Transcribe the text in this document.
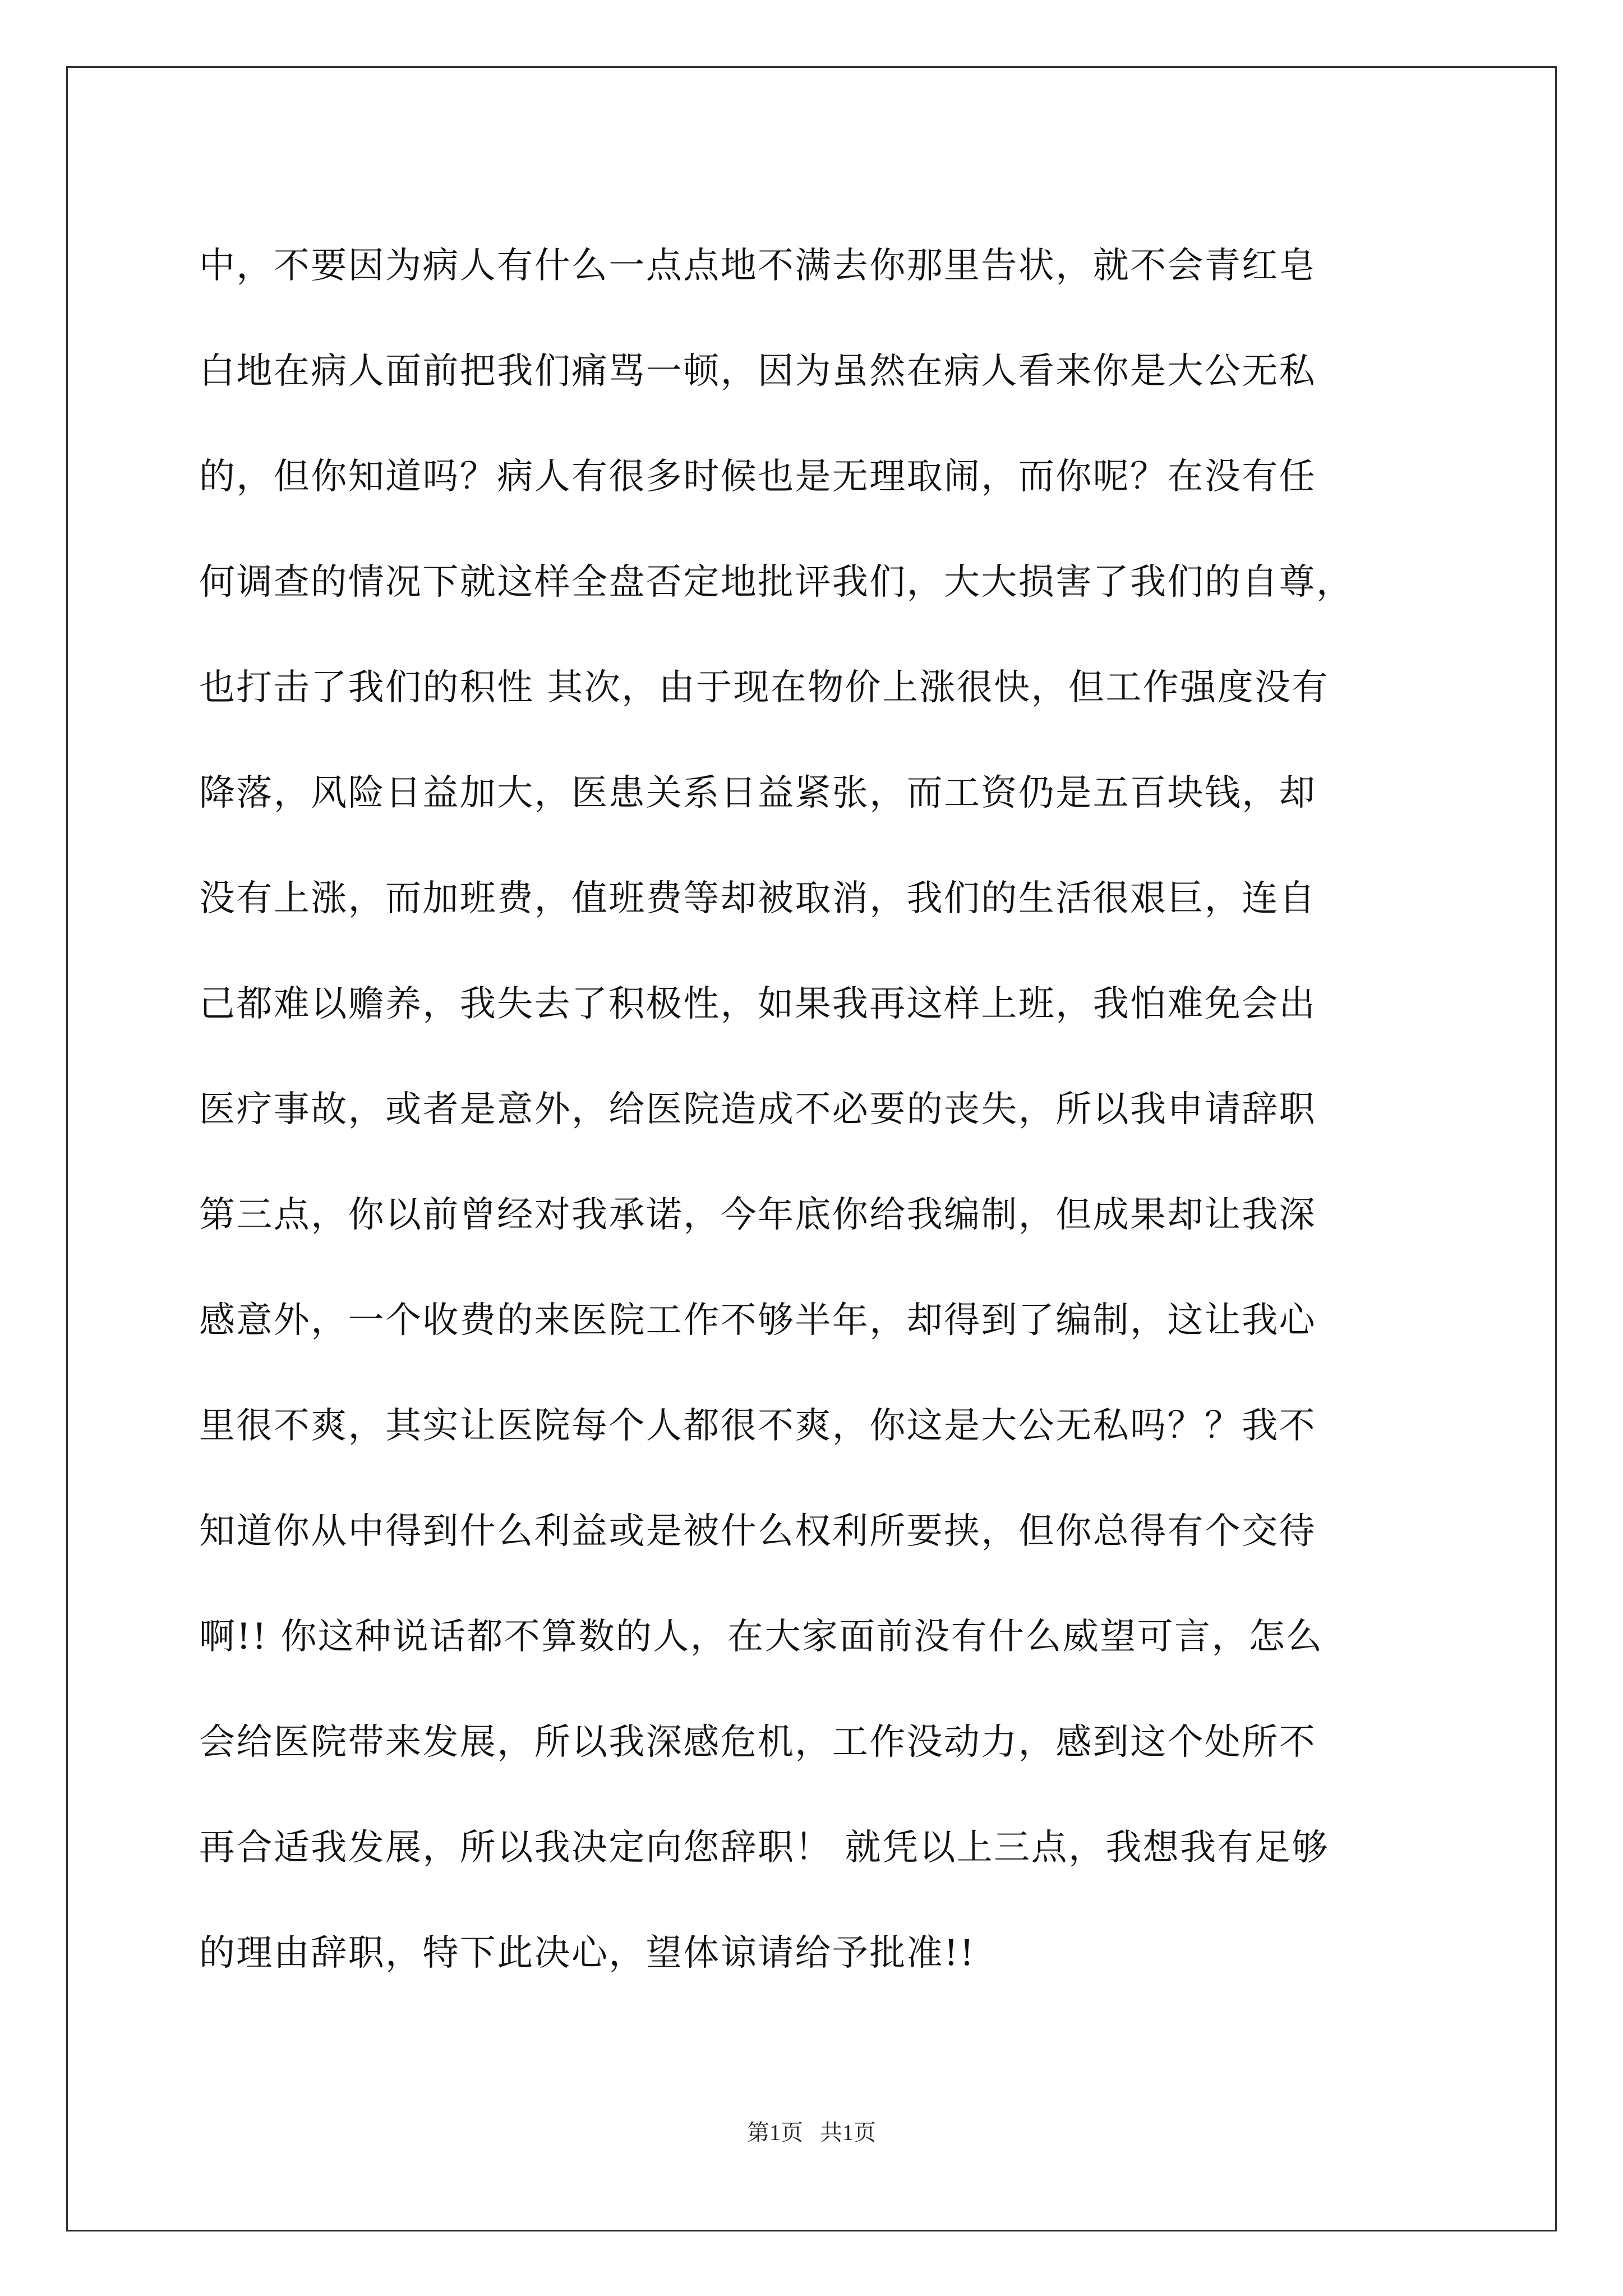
中，不要因为病人有什么一点点地不满去你那里告状，就不会青红皂
白地在病人面前把我们痛骂一顿，因为虽然在病人看来你是大公无私
的，但你知道吗？病人有很多时候也是无理取闹，而你呢？在没有任
何调查的情况下就这样全盘否定地批评我们，大大损害了我们的自尊，
也打击了我们的积性 其次，由于现在物价上涨很快，但工作强度没有
降落，风险日益加大，医患关系日益紧张，而工资仍是五百块钱，却
没有上涨，而加班费，值班费等却被取消，我们的生活很艰巨，连自
己都难以赡养，我失去了积极性，如果我再这样上班，我怕难免会出
医疗事故，或者是意外，给医院造成不必要的丧失，所以我申请辞职
第三点，你以前曾经对我承诺，今年底你给我编制，但成果却让我深
感意外，一个收费的来医院工作不够半年，却得到了编制，这让我心
里很不爽，其实让医院每个人都很不爽，你这是大公无私吗？？我不
知道你从中得到什么利益或是被什么权利所要挟，但你总得有个交待
啊!! 你这种说话都不算数的人，在大家面前没有什么威望可言，怎么
会给医院带来发展，所以我深感危机，工作没动力，感到这个处所不
再合适我发展，所以我决定向您辞职！ 就凭以上三点，我想我有足够
的理由辞职，特下此决心，望体谅请给予批准!!
第1页   共1页
